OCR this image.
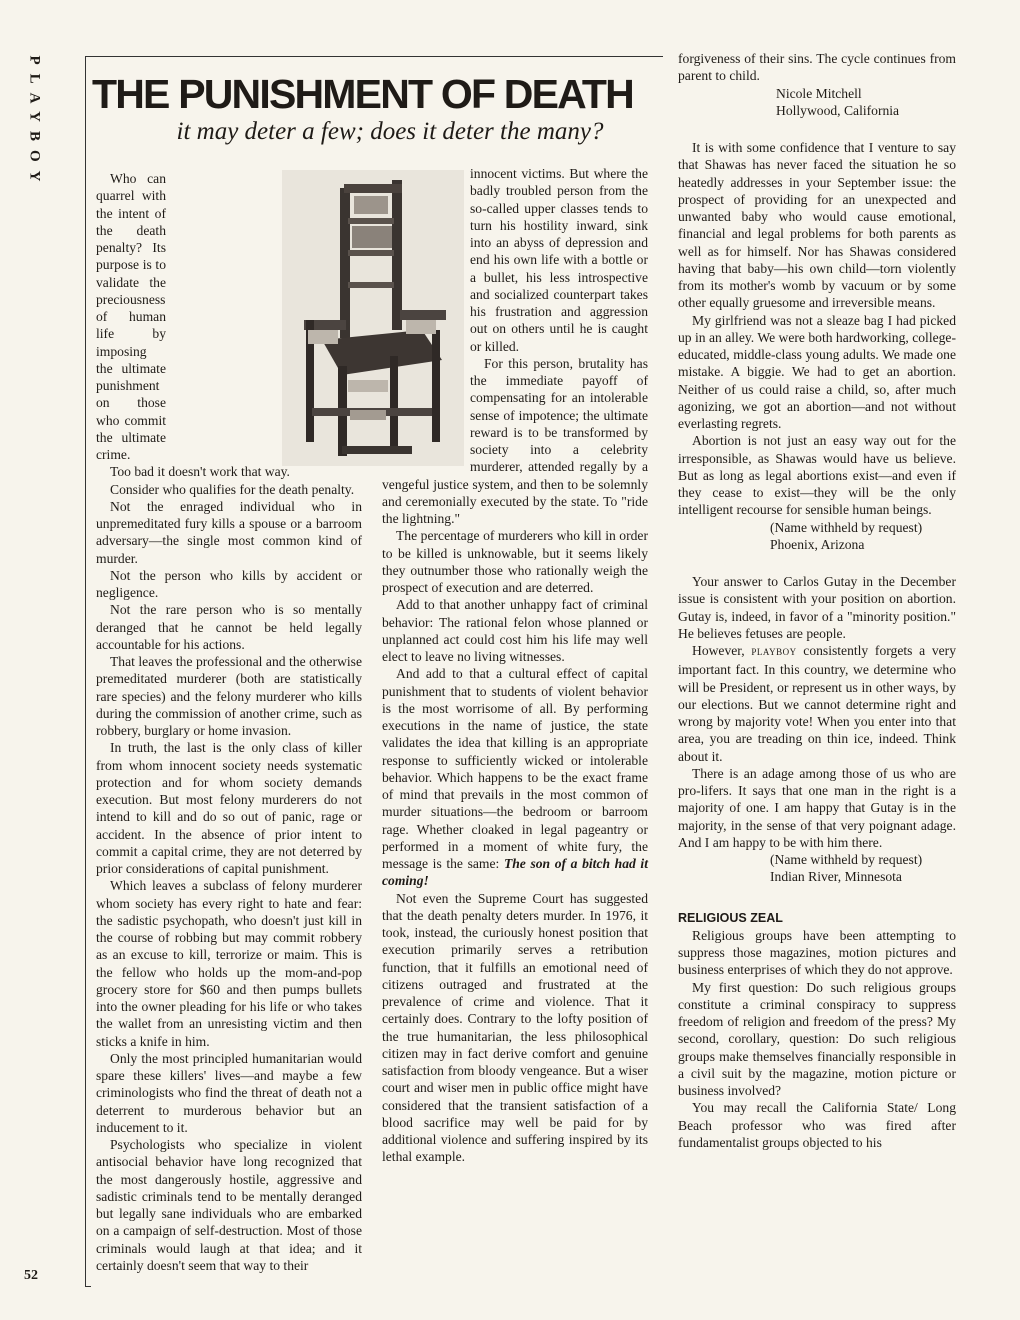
PLAYBOY
52
THE PUNISHMENT OF DEATH

it may deter a few; does it deter the many?

Who can quarrel with the intent of the death penalty? Its purpose is to validate the preciousness of human life by imposing the ultimate punishment on those who commit the ultimate crime.

Too bad it doesn't work that way.

Consider who qualifies for the death penalty.

Not the enraged individual who in unpremeditated fury kills a spouse or a barroom adversary—the single most common kind of murder.

Not the person who kills by accident or negligence.

Not the rare person who is so mentally deranged that he cannot be held legally accountable for his actions.

That leaves the professional and the otherwise premeditated murderer (both are statistically rare species) and the felony murderer who kills during the commission of another crime, such as robbery, burglary or home invasion.

In truth, the last is the only class of killer from whom innocent society needs systematic protection and for whom society demands execution. But most felony murderers do not intend to kill and do so out of panic, rage or accident. In the absence of prior intent to commit a capital crime, they are not deterred by prior considerations of capital punishment.

Which leaves a subclass of felony murderer whom society has every right to hate and fear: the sadistic psychopath, who doesn't just kill in the course of robbing but may commit robbery as an excuse to kill, terrorize or maim. This is the fellow who holds up the mom-and-pop grocery store for $60 and then pumps bullets into the owner pleading for his life or who takes the wallet from an unresisting victim and then sticks a knife in him.

Only the most principled humanitarian would spare these killers' lives—and maybe a few criminologists who find the threat of death not a deterrent to murderous behavior but an inducement to it.

Psychologists who specialize in violent antisocial behavior have long recognized that the most dangerously hostile, aggressive and sadistic criminals tend to be mentally deranged but legally sane individuals who are embarked on a campaign of self-destruction. Most of those criminals would laugh at that idea; and it certainly doesn't seem that way to their

innocent victims. But where the badly troubled person from the so-called upper classes tends to turn his hostility inward, sink into an abyss of depression and end his own life with a bottle or a bullet, his less introspective and socialized counterpart takes his frustration and aggression out on others until he is caught or killed.

For this person, brutality has the immediate payoff of compensating for an intolerable sense of impotence; the ultimate reward is to be transformed by society into a celebrity murderer, attended regally by a vengeful justice system, and then to be solemnly and ceremonially executed by the state. To "ride the lightning."

The percentage of murderers who kill in order to be killed is unknowable, but it seems likely they outnumber those who rationally weigh the prospect of execution and are deterred.

Add to that another unhappy fact of criminal behavior: The rational felon whose planned or unplanned act could cost him his life may well elect to leave no living witnesses.

And add to that a cultural effect of capital punishment that to students of violent behavior is the most worrisome of all. By performing executions in the name of justice, the state validates the idea that killing is an appropriate response to sufficiently wicked or intolerable behavior. Which happens to be the exact frame of mind that prevails in the most common of murder situations—the bedroom or barroom rage. Whether cloaked in legal pageantry or performed in a moment of white fury, the message is the same: The son of a bitch had it coming!

Not even the Supreme Court has suggested that the death penalty deters murder. In 1976, it took, instead, the curiously honest position that execution primarily serves a retribution function, that it fulfills an emotional need of citizens outraged and frustrated at the prevalence of crime and violence. That it certainly does. Contrary to the lofty position of the true humanitarian, the less philosophical citizen may in fact derive comfort and genuine satisfaction from bloody vengeance. But a wiser court and wiser men in public office might have considered that the transient satisfaction of a blood sacrifice may well be paid for by additional violence and suffering inspired by its lethal example.

forgiveness of their sins. The cycle continues from parent to child.

Nicole Mitchell

Hollywood, California

It is with some confidence that I venture to say that Shawas has never faced the situation he so heatedly addresses in your September issue: the prospect of providing for an unexpected and unwanted baby who would cause emotional, financial and legal problems for both parents as well as for himself. Nor has Shawas considered having that baby—his own child—torn violently from its mother's womb by vacuum or by some other equally gruesome and irreversible means.

My girlfriend was not a sleaze bag I had picked up in an alley. We were both hardworking, college-educated, middle-class young adults. We made one mistake. A biggie. We had to get an abortion. Neither of us could raise a child, so, after much agonizing, we got an abortion—and not without everlasting regrets.

Abortion is not just an easy way out for the irresponsible, as Shawas would have us believe. But as long as legal abortions exist—and even if they cease to exist—they will be the only intelligent recourse for sensible human beings.

(Name withheld by request)

Phoenix, Arizona

Your answer to Carlos Gutay in the December issue is consistent with your position on abortion. Gutay is, indeed, in favor of a "minority position." He believes fetuses are people.

However, PLAYBOY consistently forgets a very important fact. In this country, we determine who will be President, or represent us in other ways, by our elections. But we cannot determine right and wrong by majority vote! When you enter into that area, you are treading on thin ice, indeed. Think about it.

There is an adage among those of us who are pro-lifers. It says that one man in the right is a majority of one. I am happy that Gutay is in the majority, in the sense of that very poignant adage. And I am happy to be with him there.

(Name withheld by request)

Indian River, Minnesota

RELIGIOUS ZEAL

Religious groups have been attempting to suppress those magazines, motion pictures and business enterprises of which they do not approve.

My first question: Do such religious groups constitute a criminal conspiracy to suppress freedom of religion and freedom of the press? My second, corollary, question: Do such religious groups make themselves financially responsible in a civil suit by the magazine, motion picture or business involved?

You may recall the California State/ Long Beach professor who was fired after fundamentalist groups objected to his
